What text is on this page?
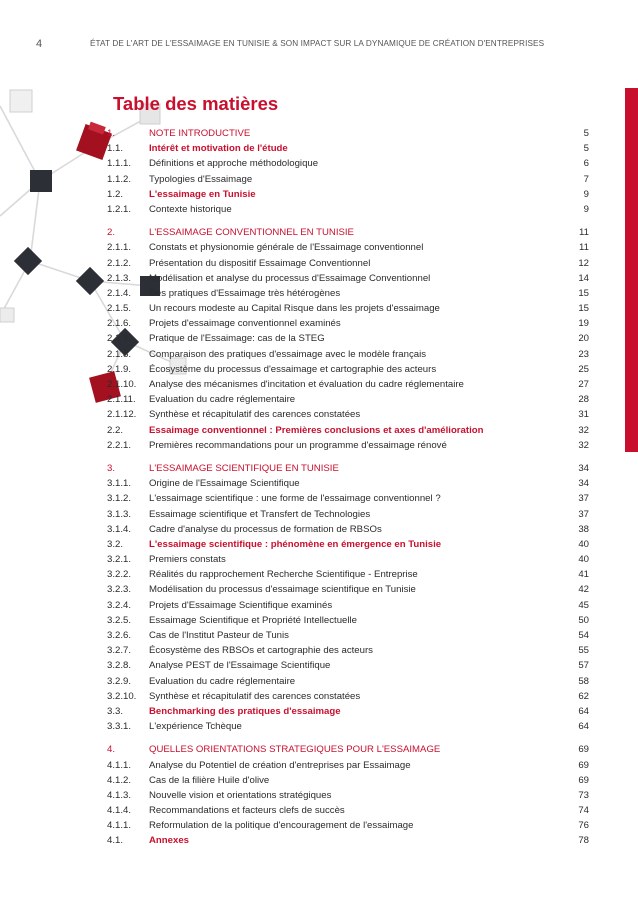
4	ÉTAT DE L'ART DE L'ESSAIMAGE EN TUNISIE & SON IMPACT SUR LA DYNAMIQUE DE CRÉATION D'ENTREPRISES
Table des matières
1.	NOTE INTRODUCTIVE	5
1.1.	Intérêt et motivation de l'étude	5
1.1.1.	Définitions et approche méthodologique	6
1.1.2.	Typologies d'Essaimage	7
1.2.	L'essaimage en Tunisie	9
1.2.1.	Contexte historique	9
2.	L'ESSAIMAGE CONVENTIONNEL EN TUNISIE	11
2.1.1.	Constats et physionomie générale de l'Essaimage conventionnel	11
2.1.2.	Présentation du dispositif Essaimage Conventionnel	12
2.1.3.	Modélisation et analyse du processus d'Essaimage Conventionnel	14
2.1.4.	Des pratiques d'Essaimage très hétérogènes	15
2.1.5.	Un recours modeste au Capital Risque dans les projets d'essaimage	15
2.1.6.	Projets d'essaimage conventionnel examinés	19
2.1.7.	Pratique de l'Essaimage: cas de la STEG	20
2.1.8.	Comparaison des pratiques d'essaimage avec le modèle français	23
2.1.9.	Écosystème du processus d'essaimage et cartographie des acteurs	25
2.1.10.	Analyse des mécanismes d'incitation et évaluation du cadre réglementaire	27
2.1.11.	Evaluation du cadre réglementaire	28
2.1.12.	Synthèse et récapitulatif des carences constatées	31
2.2.	Essaimage conventionnel : Premières conclusions et axes d'amélioration	32
2.2.1.	Premières recommandations pour un programme d'essaimage rénové	32
3.	L'ESSAIMAGE SCIENTIFIQUE EN TUNISIE	34
3.1.1.	Origine de l'Essaimage Scientifique	34
3.1.2.	L'essaimage scientifique : une forme de l'essaimage conventionnel ?	37
3.1.3.	Essaimage scientifique et Transfert de Technologies	37
3.1.4.	Cadre d'analyse du processus de formation de RBSOs	38
3.2.	L'essaimage scientifique : phénomène en émergence en Tunisie	40
3.2.1.	Premiers constats	40
3.2.2.	Réalités du rapprochement Recherche Scientifique - Entreprise	41
3.2.3.	Modélisation du processus d'essaimage scientifique en Tunisie	42
3.2.4.	Projets d'Essaimage Scientifique examinés	45
3.2.5.	Essaimage Scientifique et Propriété Intellectuelle	50
3.2.6.	Cas de l'Institut Pasteur de Tunis	54
3.2.7.	Écosystème des RBSOs et cartographie des acteurs	55
3.2.8.	Analyse PEST de l'Essaimage Scientifique	57
3.2.9.	Evaluation du cadre réglementaire	58
3.2.10.	Synthèse et récapitulatif des carences constatées	62
3.3.	Benchmarking des pratiques d'essaimage	64
3.3.1.	L'expérience Tchèque	64
4.	QUELLES ORIENTATIONS STRATEGIQUES POUR L'ESSAIMAGE	69
4.1.1.	Analyse du Potentiel de création d'entreprises par Essaimage	69
4.1.2.	Cas de la filière Huile d'olive	69
4.1.3.	Nouvelle vision et orientations stratégiques	73
4.1.4.	Recommandations et facteurs clefs de succès	74
4.1.1.	Reformulation de la politique d'encouragement de l'essaimage	76
4.1.	Annexes	78
